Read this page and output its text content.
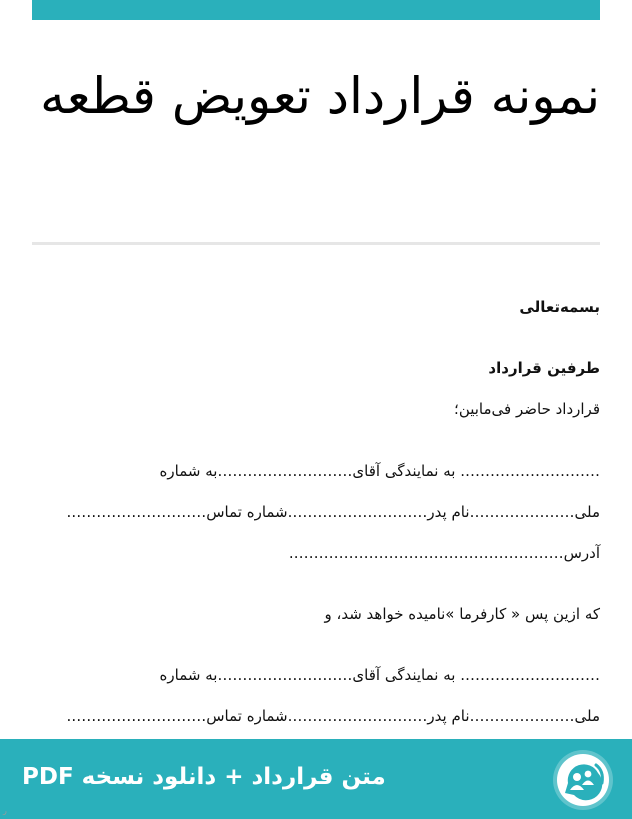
نمونه قرارداد تعویض قطعه
بسمه‌تعالی
طرفین قرارداد
قرارداد حاضر فی‌مابین؛
………………………. به نمایندگی آقای………………………به شماره
ملی…………………نام پدر……………………….شماره تماس……………………….
آدرس……………………………………………….
که ازین پس « کارفرما »نامیده خواهد شد، و
………………………. به نمایندگی آقای………………………به شماره
ملی…………………نام پدر……………………….شماره تماس……………………….
متن قرارداد + دانلود نسخه PDF
ر
